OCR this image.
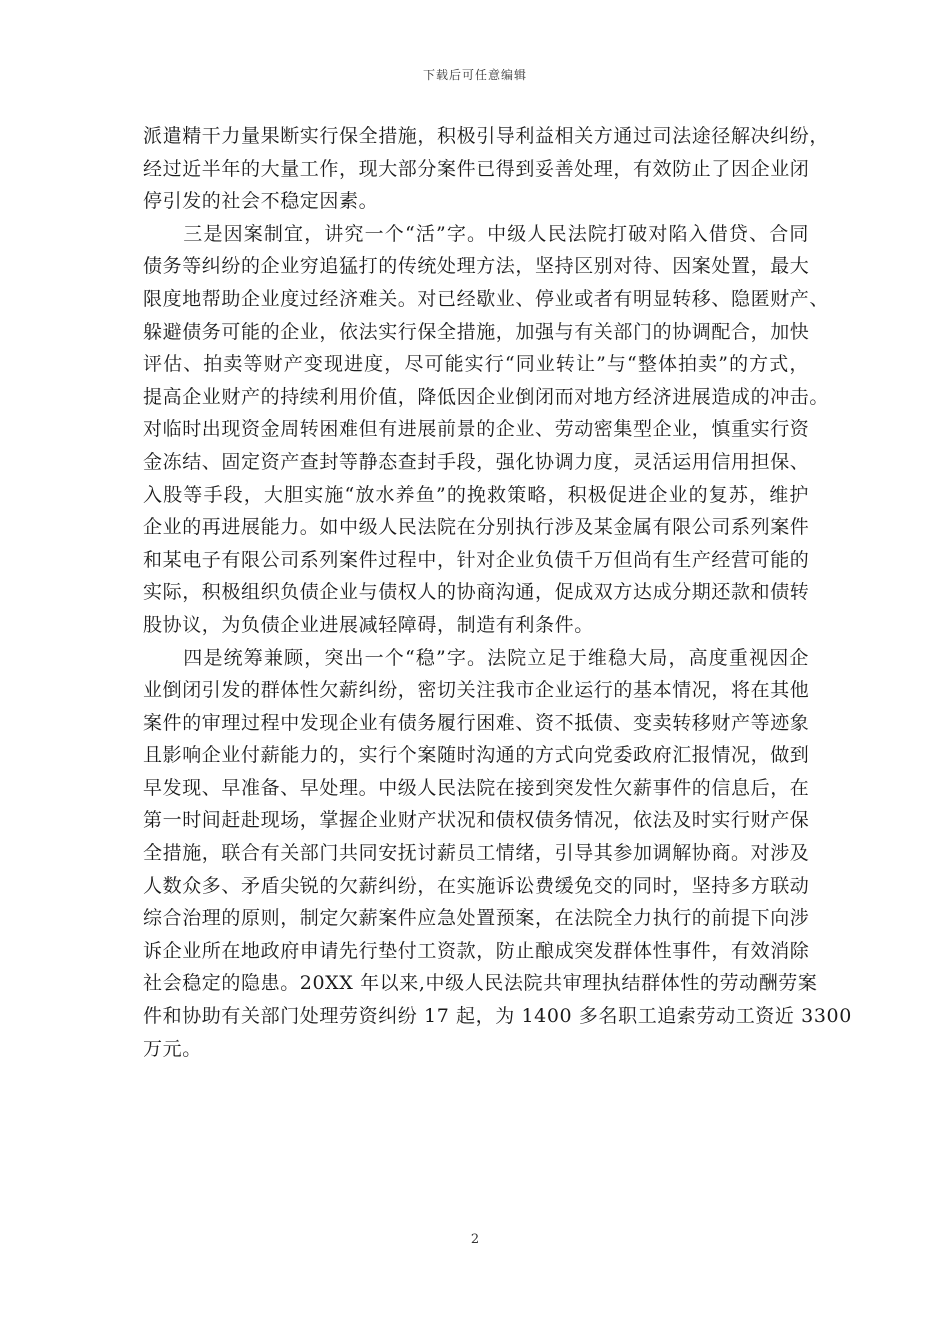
下载后可任意编辑
派遣精干力量果断实行保全措施，积极引导利益相关方通过司法途径解决纠纷，
经过近半年的大量工作，现大部分案件已得到妥善处理，有效防止了因企业闭
停引发的社会不稳定因素。
　　三是因案制宜，讲究一个“活”字。中级人民法院打破对陷入借贷、合同
债务等纠纷的企业穷追猛打的传统处理方法，坚持区别对待、因案处置，最大
限度地帮助企业度过经济难关。对已经歇业、停业或者有明显转移、隐匿财产、
躲避债务可能的企业，依法实行保全措施，加强与有关部门的协调配合，加快
评估、拍卖等财产变现进度，尽可能实行“同业转让”与“整体拍卖”的方式，
提高企业财产的持续利用价值，降低因企业倒闭而对地方经济进展造成的冲击。
对临时出现资金周转困难但有进展前景的企业、劳动密集型企业，慎重实行资
金冻结、固定资产查封等静态查封手段，强化协调力度，灵活运用信用担保、
入股等手段，大胆实施“放水养鱼”的挽救策略，积极促进企业的复苏，维护
企业的再进展能力。如中级人民法院在分别执行涉及某金属有限公司系列案件
和某电子有限公司系列案件过程中，针对企业负债千万但尚有生产经营可能的
实际，积极组织负债企业与债权人的协商沟通，促成双方达成分期还款和债转
股协议，为负债企业进展减轻障碍，制造有利条件。
　　四是统筹兼顾，突出一个“稳”字。法院立足于维稳大局，高度重视因企
业倒闭引发的群体性欠薪纠纷，密切关注我市企业运行的基本情况，将在其他
案件的审理过程中发现企业有债务履行困难、资不抵债、变卖转移财产等迹象
且影响企业付薪能力的，实行个案随时沟通的方式向党委政府汇报情况，做到
早发现、早准备、早处理。中级人民法院在接到突发性欠薪事件的信息后，在
第一时间赶赴现场，掌握企业财产状况和债权债务情况，依法及时实行财产保
全措施，联合有关部门共同安抚讨薪员工情绪，引导其参加调解协商。对涉及
人数众多、矛盾尖锐的欠薪纠纷，在实施诉讼费缓免交的同时，坚持多方联动
综合治理的原则，制定欠薪案件应急处置预案，在法院全力执行的前提下向涉
诉企业所在地政府申请先行垫付工资款，防止酿成突发群体性事件，有效消除
社会稳定的隐患。20XX 年以来,中级人民法院共审理执结群体性的劳动酬劳案
件和协助有关部门处理劳资纠纷 17 起，为 1400 多名职工追索劳动工资近 3300
万元。
2
